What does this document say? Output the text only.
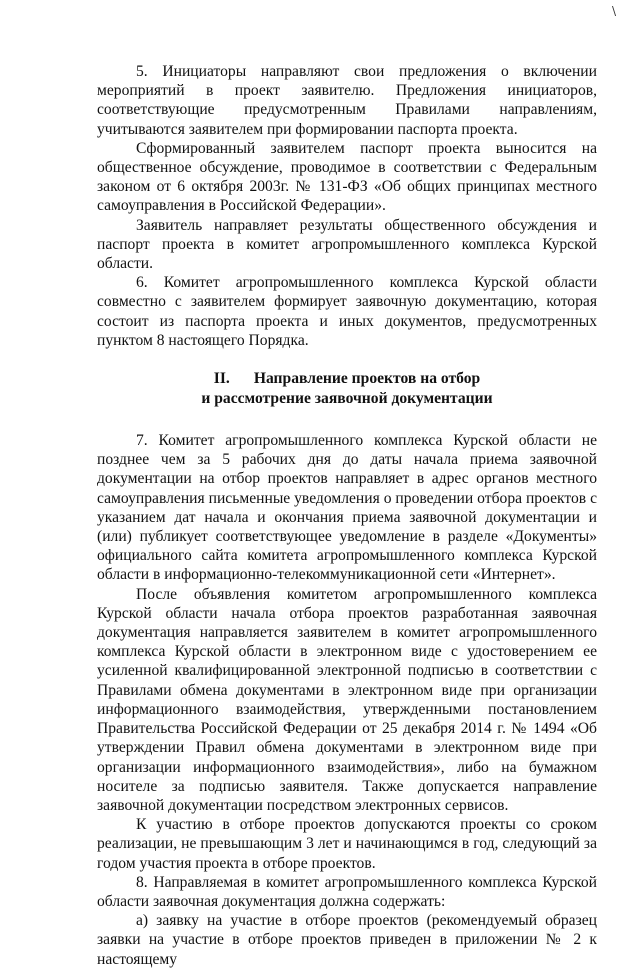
\

5. Инициаторы направляют свои предложения о включении мероприятий в проект заявителю. Предложения инициаторов, соответствующие предусмотренным Правилами направлениям, учитываются заявителем при формировании паспорта проекта.

Сформированный заявителем паспорт проекта выносится на общественное обсуждение, проводимое в соответствии с Федеральным законом от 6 октября 2003г. № 131-ФЗ «Об общих принципах местного самоуправления в Российской Федерации».

Заявитель направляет результаты общественного обсуждения и паспорт проекта в комитет агропромышленного комплекса Курской области.

6. Комитет агропромышленного комплекса Курской области совместно с заявителем формирует заявочную документацию, которая состоит из паспорта проекта и иных документов, предусмотренных пунктом 8 настоящего Порядка.

II. Направление проектов на отбор
и рассмотрение заявочной документации

7. Комитет агропромышленного комплекса Курской области не позднее чем за 5 рабочих дня до даты начала приема заявочной документации на отбор проектов направляет в адрес органов местного самоуправления письменные уведомления о проведении отбора проектов с указанием дат начала и окончания приема заявочной документации и (или) публикует соответствующее уведомление в разделе «Документы» официального сайта комитета агропромышленного комплекса Курской области в информационно-телекоммуникационной сети «Интернет».

После объявления комитетом агропромышленного комплекса Курской области начала отбора проектов разработанная заявочная документация направляется заявителем в комитет агропромышленного комплекса Курской области в электронном виде с удостоверением ее усиленной квалифицированной электронной подписью в соответствии с Правилами обмена документами в электронном виде при организации информационного взаимодействия, утвержденными постановлением Правительства Российской Федерации от 25 декабря 2014 г. № 1494 «Об утверждении Правил обмена документами в электронном виде при организации информационного взаимодействия», либо на бумажном носителе за подписью заявителя. Также допускается направление заявочной документации посредством электронных сервисов.

К участию в отборе проектов допускаются проекты со сроком реализации, не превышающим 3 лет и начинающимся в год, следующий за годом участия проекта в отборе проектов.

8. Направляемая в комитет агропромышленного комплекса Курской области заявочная документация должна содержать:

а) заявку на участие в отборе проектов (рекомендуемый образец заявки на участие в отборе проектов приведен в приложении № 2 к настоящему
